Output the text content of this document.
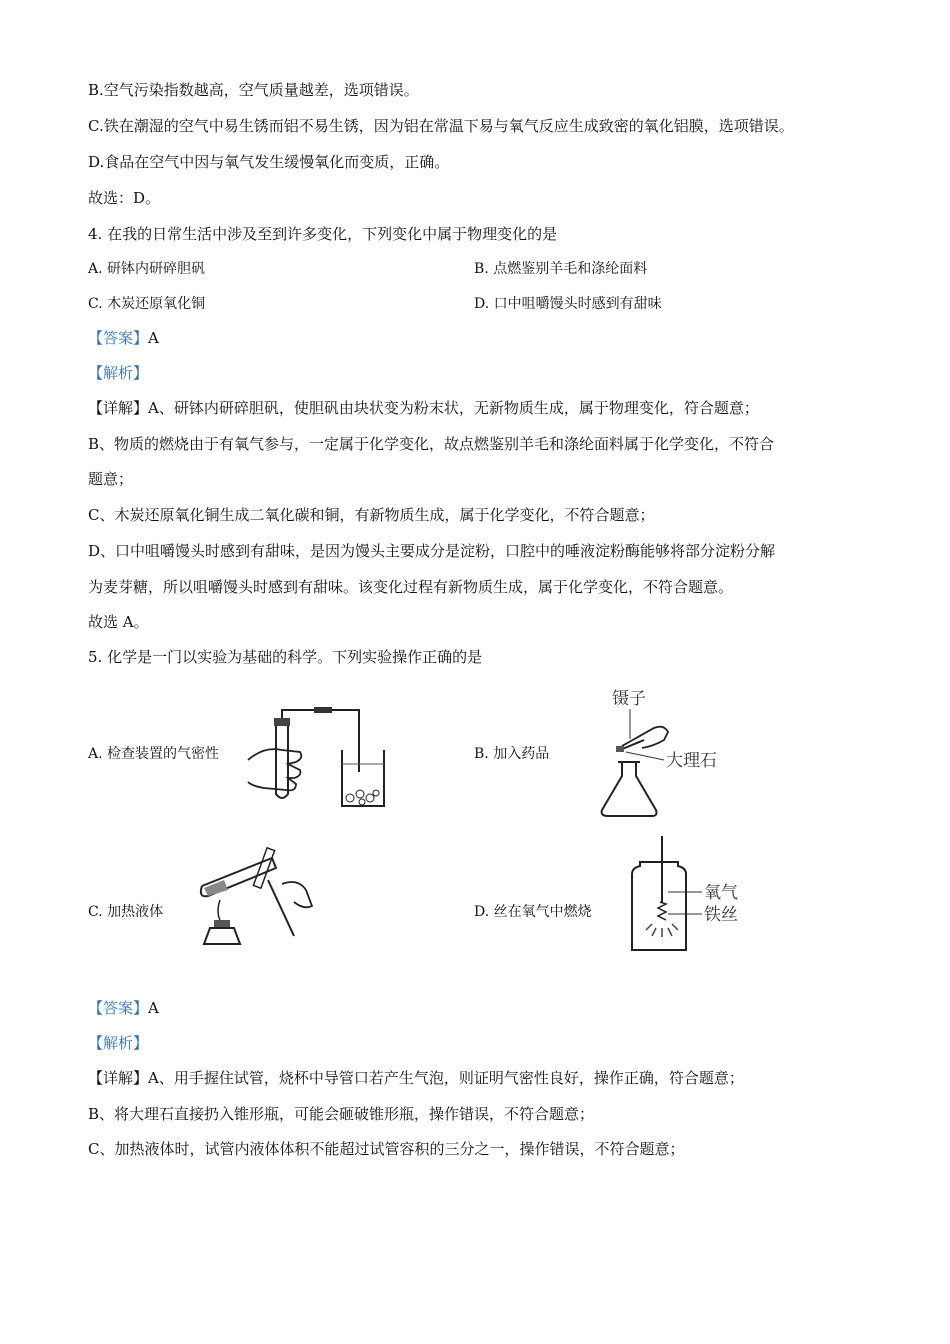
B.空气污染指数越高，空气质量越差，选项错误。
C.铁在潮湿的空气中易生锈而铝不易生锈，因为铝在常温下易与氧气反应生成致密的氧化铝膜，选项错误。
D.食品在空气中因与氧气发生缓慢氧化而变质，正确。
故选：D。
4. 在我的日常生活中涉及至到许多变化，下列变化中属于物理变化的是
A. 研钵内研碎胆矾	B. 点燃鉴别羊毛和涤纶面料
C. 木炭还原氧化铜	D. 口中咀嚼馒头时感到有甜味
【答案】A
【解析】
【详解】A、研钵内研碎胆矾，使胆矾由块状变为粉末状，无新物质生成，属于物理变化，符合题意；
B、物质的燃烧由于有氧气参与，一定属于化学变化，故点燃鉴别羊毛和涤纶面料属于化学变化，不符合
题意；
C、木炭还原氧化铜生成二氧化碳和铜，有新物质生成，属于化学变化，不符合题意；
D、口中咀嚼馒头时感到有甜味，是因为馒头主要成分是淀粉，口腔中的唾液淀粉酶能够将部分淀粉分解
为麦芽糖，所以咀嚼馒头时感到有甜味。该变化过程有新物质生成，属于化学变化，不符合题意。
故选 A。
5. 化学是一门以实验为基础的科学。下列实验操作正确的是
A. 检查装置的气密性	B. 加入药品
C. 加热液体	D. 丝在氧气中燃烧
镊子
大理石
氧气
铁丝
【答案】A
【解析】
【详解】A、用手握住试管，烧杯中导管口若产生气泡，则证明气密性良好，操作正确，符合题意；
B、将大理石直接扔入锥形瓶，可能会砸破锥形瓶，操作错误，不符合题意；
C、加热液体时，试管内液体体积不能超过试管容积的三分之一，操作错误，不符合题意；
